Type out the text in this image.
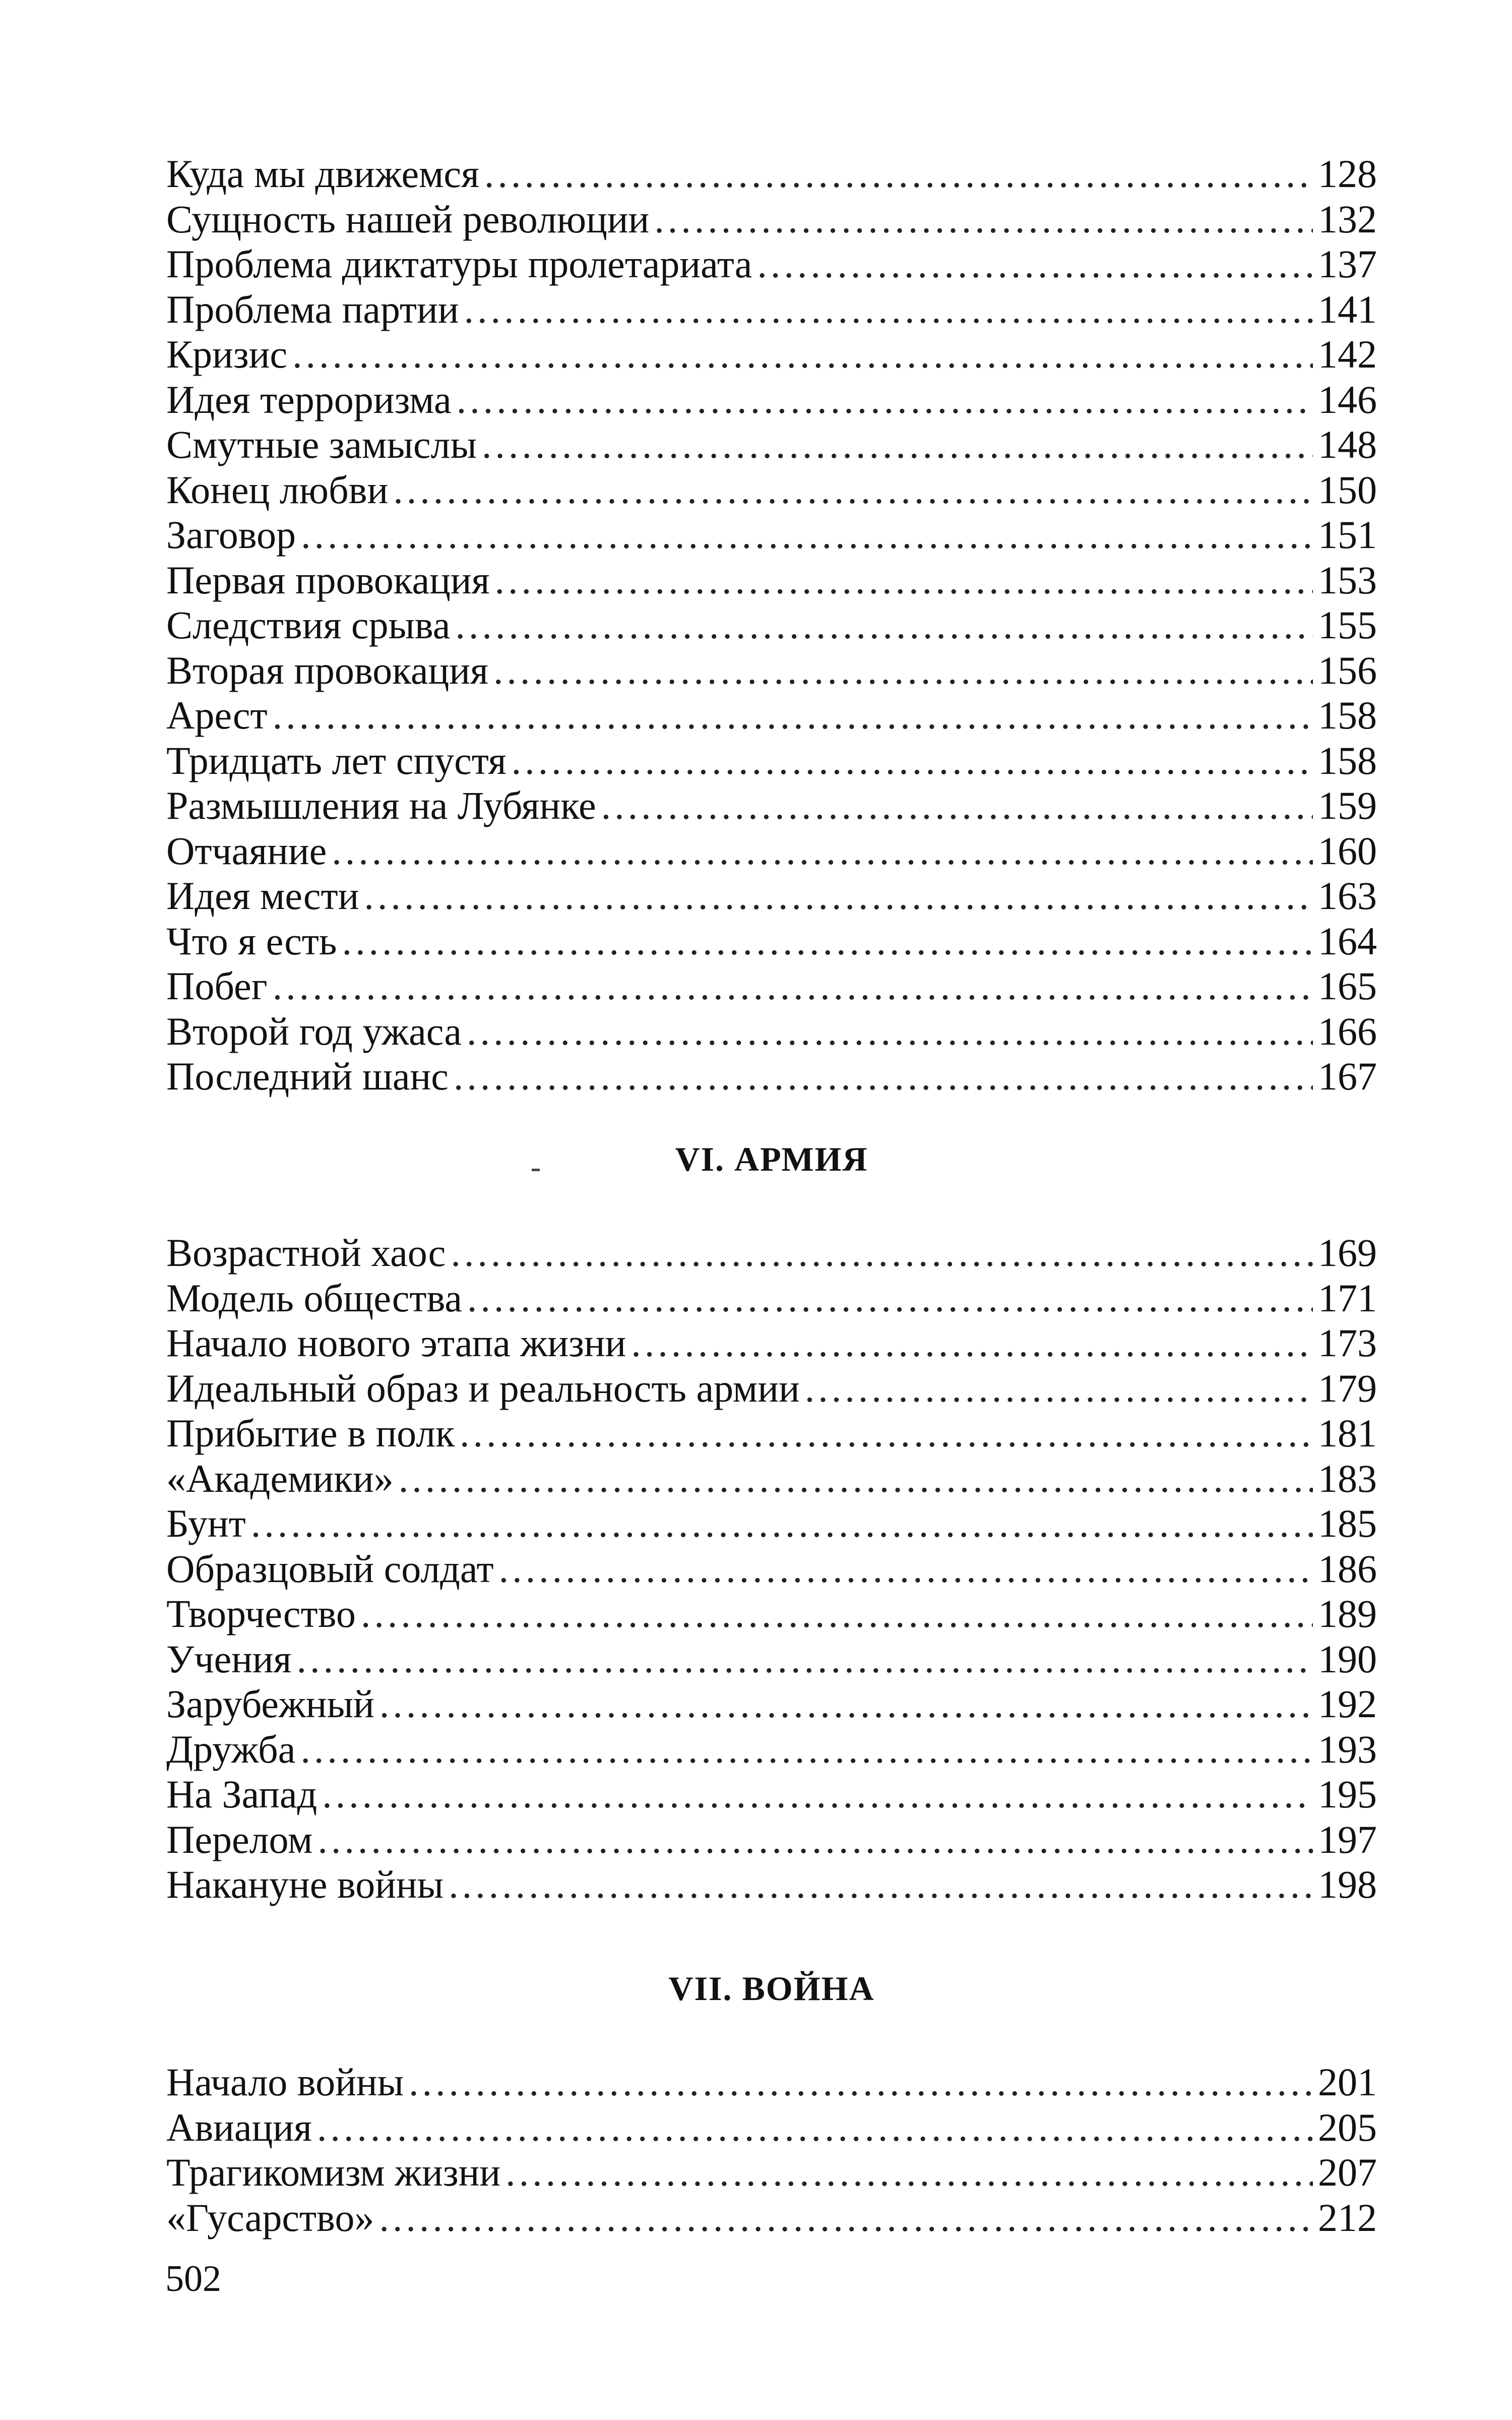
Куда мы движемся .....	128
Сущность нашей революции .....	132
Проблема диктатуры пролетариата .....	137
Проблема партии .....	141
Кризис .....	142
Идея терроризма .....	146
Смутные замыслы .....	148
Конец любви .....	150
Заговор .....	151
Первая провокация .....	153
Следствия срыва .....	155
Вторая провокация .....	156
Арест .....	158
Тридцать лет спустя .....	158
Размышления на Лубянке .....	159
Отчаяние .....	160
Идея мести .....	163
Что я есть .....	164
Побег .....	165
Второй год ужаса .....	166
Последний шанс .....	167
VI. АРМИЯ
Возрастной хаос .....	169
Модель общества .....	171
Начало нового этапа жизни .....	173
Идеальный образ и реальность армии .....	179
Прибытие в полк .....	181
«Академики» .....	183
Бунт .....	185
Образцовый солдат .....	186
Творчество .....	189
Учения .....	190
Зарубежный .....	192
Дружба .....	193
На Запад .....	195
Перелом .....	197
Накануне войны .....	198
VII. ВОЙНА
Начало войны .....	201
Авиация .....	205
Трагикомизм жизни .....	207
«Гусарство» .....	212
502
